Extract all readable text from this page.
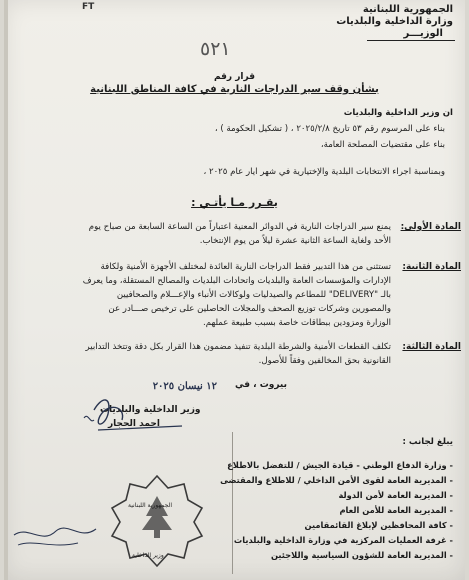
FT	الجمهورية اللبنانية
وزارة الداخلية والبلديات
الوزيـــر
٥٢١
قرار رقم
بشأن وقف سير الدراجات النارية في كافة المناطق اللبنانية
ان وزير الداخلية والبلديات
بناء على المرسوم رقم ٥٣ تاريخ ٢٠٢٥/٢/٨ ، ( تشكيل الحكومة ) ،
بناء على مقتضيات المصلحة العامة،
وبمناسبة اجراء الانتخابات البلدية والإختيارية في شهر ايار عام ٢٠٢٥ ،
يقـرر مـا يأتـي :
المادة الأولى:
يمنع سير الدراجات النارية في الدوائر المعنية اعتباراً من الساعة السابعة من صباح يوم
الأحد ولغاية الساعة الثانية عشرة ليلاً من يوم الإنتخاب.
المادة الثانية:
تستثنى من هذا التدبير فقط الدراجات النارية العائدة لمختلف الأجهزة الأمنية ولكافة
الإدارات والمؤسسات العامة والبلديات واتحادات البلديات والمصالح المستقلة، وما يعرف
بالـ "DELIVERY" للمطاعم والصيدليات ولوكالات الأنباء والإعـــلام والصحافيين
والمصورين وشركات توزيع الصحف والمجلات الحاصلين على ترخيص صـــادر عن
الوزارة ومزودين ببطاقات خاصة بسبب طبيعة عملهم.
المادة الثالثة:
تكلف القطعات الأمنية والشرطة البلدية تنفيذ مضمون هذا القرار بكل دقة وتتخذ التدابير
القانونية بحق المخالفين وفقاً للأصول.
بيروت ، في
١٢ نيسان ٢٠٢٥
وزير الداخلية والبلديات
احمد الحجار
الجمهورية اللبنانية
وزير الداخلية
يبلغ لجانب :
- وزارة الدفاع الوطني - قيادة الجيش / للتفضل بالاطلاع
- المديرية العامة لقوى الأمن الداخلي / للاطلاع والمقتضى
- المديرية العامة لأمن الدولة
- المديرية العامة للأمن العام
- كافة المحافظين لإبلاغ القائمقامين
- غرفة العمليات المركزية في وزارة الداخلية والبلديات
- المديرية العامة للشؤون السياسية واللاجئين
